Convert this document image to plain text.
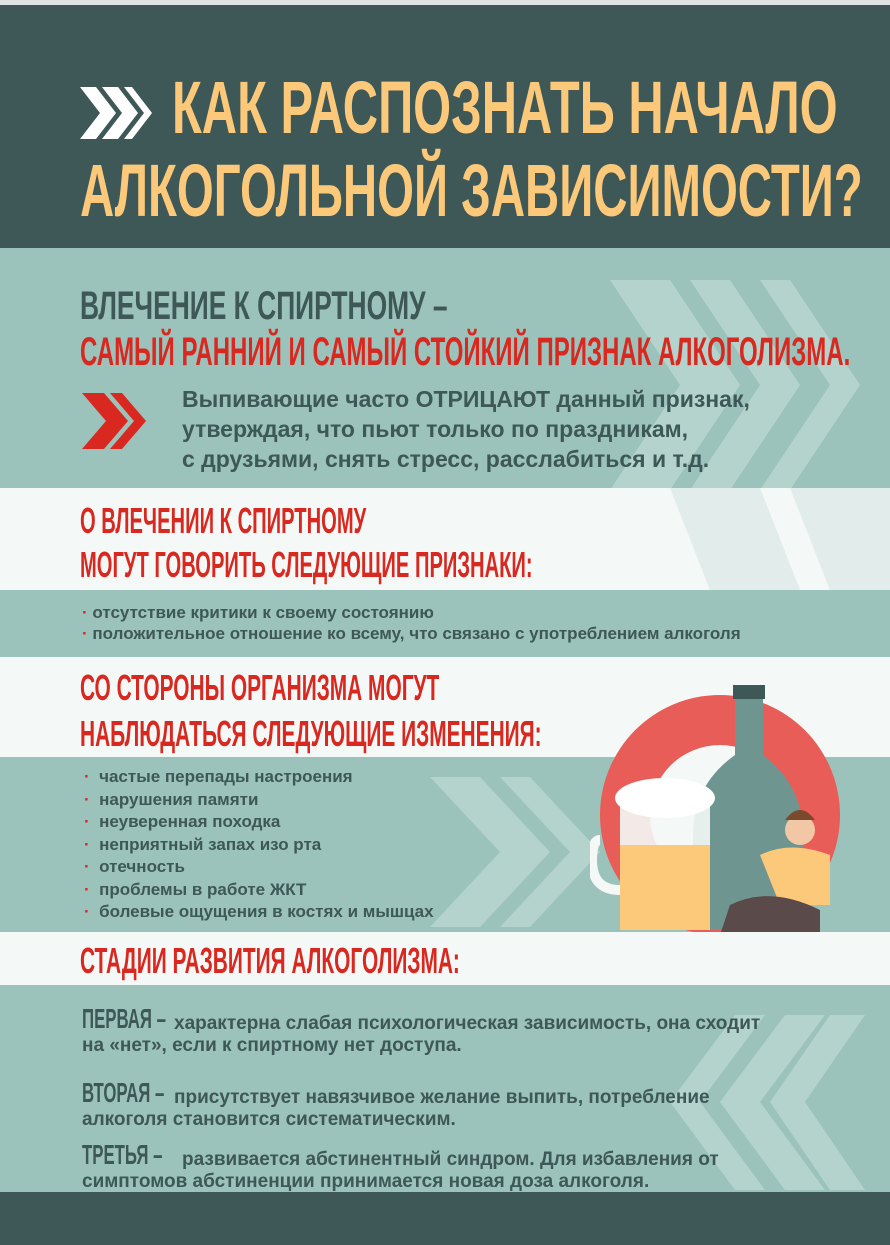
КАК РАСПОЗНАТЬ НАЧАЛО
АЛКОГОЛЬНОЙ ЗАВИСИМОСТИ?
ВЛЕЧЕНИЕ К СПИРТНОМУ –
САМЫЙ РАННИЙ И САМЫЙ СТОЙКИЙ ПРИЗНАК АЛКОГОЛИЗМА.
Выпивающие часто ОТРИЦАЮТ данный признак,
утверждая, что пьют только по праздникам,
с друзьями, снять стресс, расслабиться и т.д.
О ВЛЕЧЕНИИ К СПИРТНОМУ
МОГУТ ГОВОРИТЬ СЛЕДУЮЩИЕ ПРИЗНАКИ:
· отсутствие критики к своему состоянию
· положительное отношение ко всему, что связано с употреблением алкоголя
СО СТОРОНЫ ОРГАНИЗМА МОГУТ
НАБЛЮДАТЬСЯ СЛЕДУЮЩИЕ ИЗМЕНЕНИЯ:
·  частые перепады настроения
·  нарушения памяти
·  неуверенная походка
·  неприятный запах изо рта
·  отечность
·  проблемы в работе ЖКТ
·  болевые ощущения в костях и мышцах
СТАДИИ РАЗВИТИЯ АЛКОГОЛИЗМА:
ПЕРВАЯ – характерна слабая психологическая зависимость, она сходит
на «нет», если к спиртному нет доступа.
ВТОРАЯ – присутствует навязчивое желание выпить, потребление
алкоголя становится систематическим.
ТРЕТЬЯ – развивается абстинентный синдром. Для избавления от
симптомов абстиненции принимается новая доза алкоголя.
